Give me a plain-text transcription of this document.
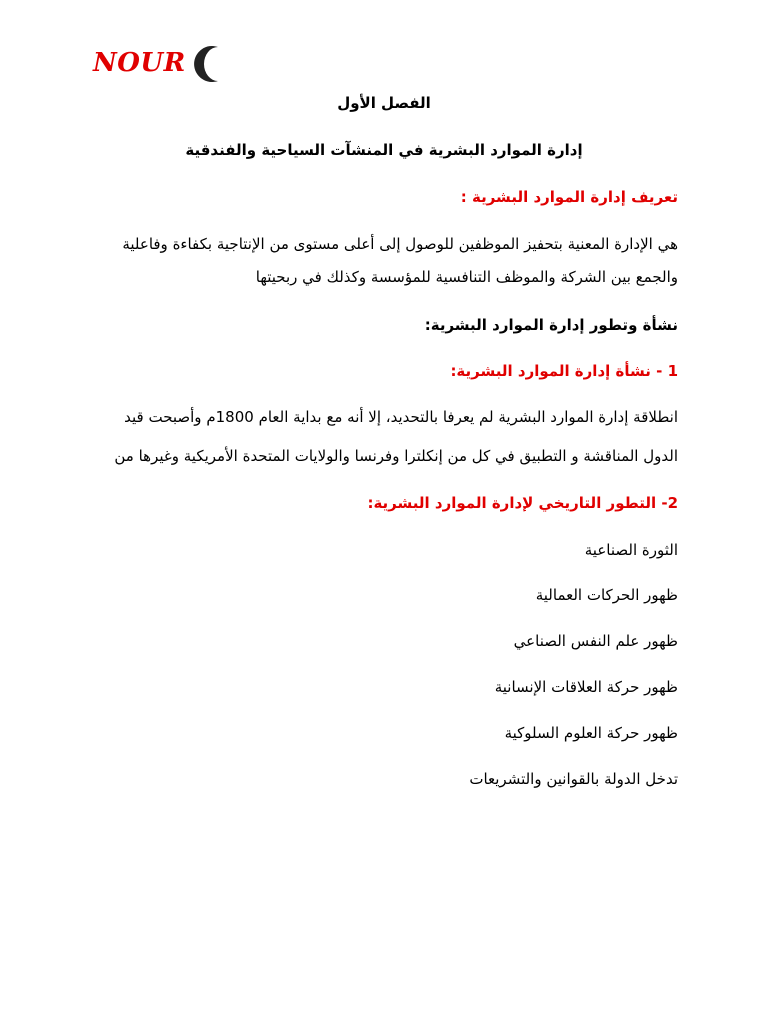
NOUR
الفصل الأول
إدارة الموارد البشرية في المنشآت السياحية والفندقية
تعريف إدارة الموارد البشرية :
هي الإدارة المعنية بتحفيز الموظفين للوصول إلى أعلى مستوى من الإنتاجية بكفاءة وفاعلية
والجمع بين الشركة والموظف التنافسية للمؤسسة وكذلك في ربحيتها
نشأة وتطور إدارة الموارد البشرية:
1 - نشأة إدارة الموارد البشرية:
انطلاقة إدارة الموارد البشرية لم يعرفا بالتحديد، إلا أنه مع بداية العام 1800م وأصبحت قيد
الدول المناقشة و التطبيق في كل من إنكلترا وفرنسا والولايات المتحدة الأمريكية وغيرها من
2- التطور التاريخي لإدارة الموارد البشرية:
الثورة الصناعية
ظهور الحركات العمالية
ظهور علم النفس الصناعي
ظهور حركة العلاقات الإنسانية
ظهور حركة العلوم السلوكية
تدخل الدولة بالقوانين والتشريعات
